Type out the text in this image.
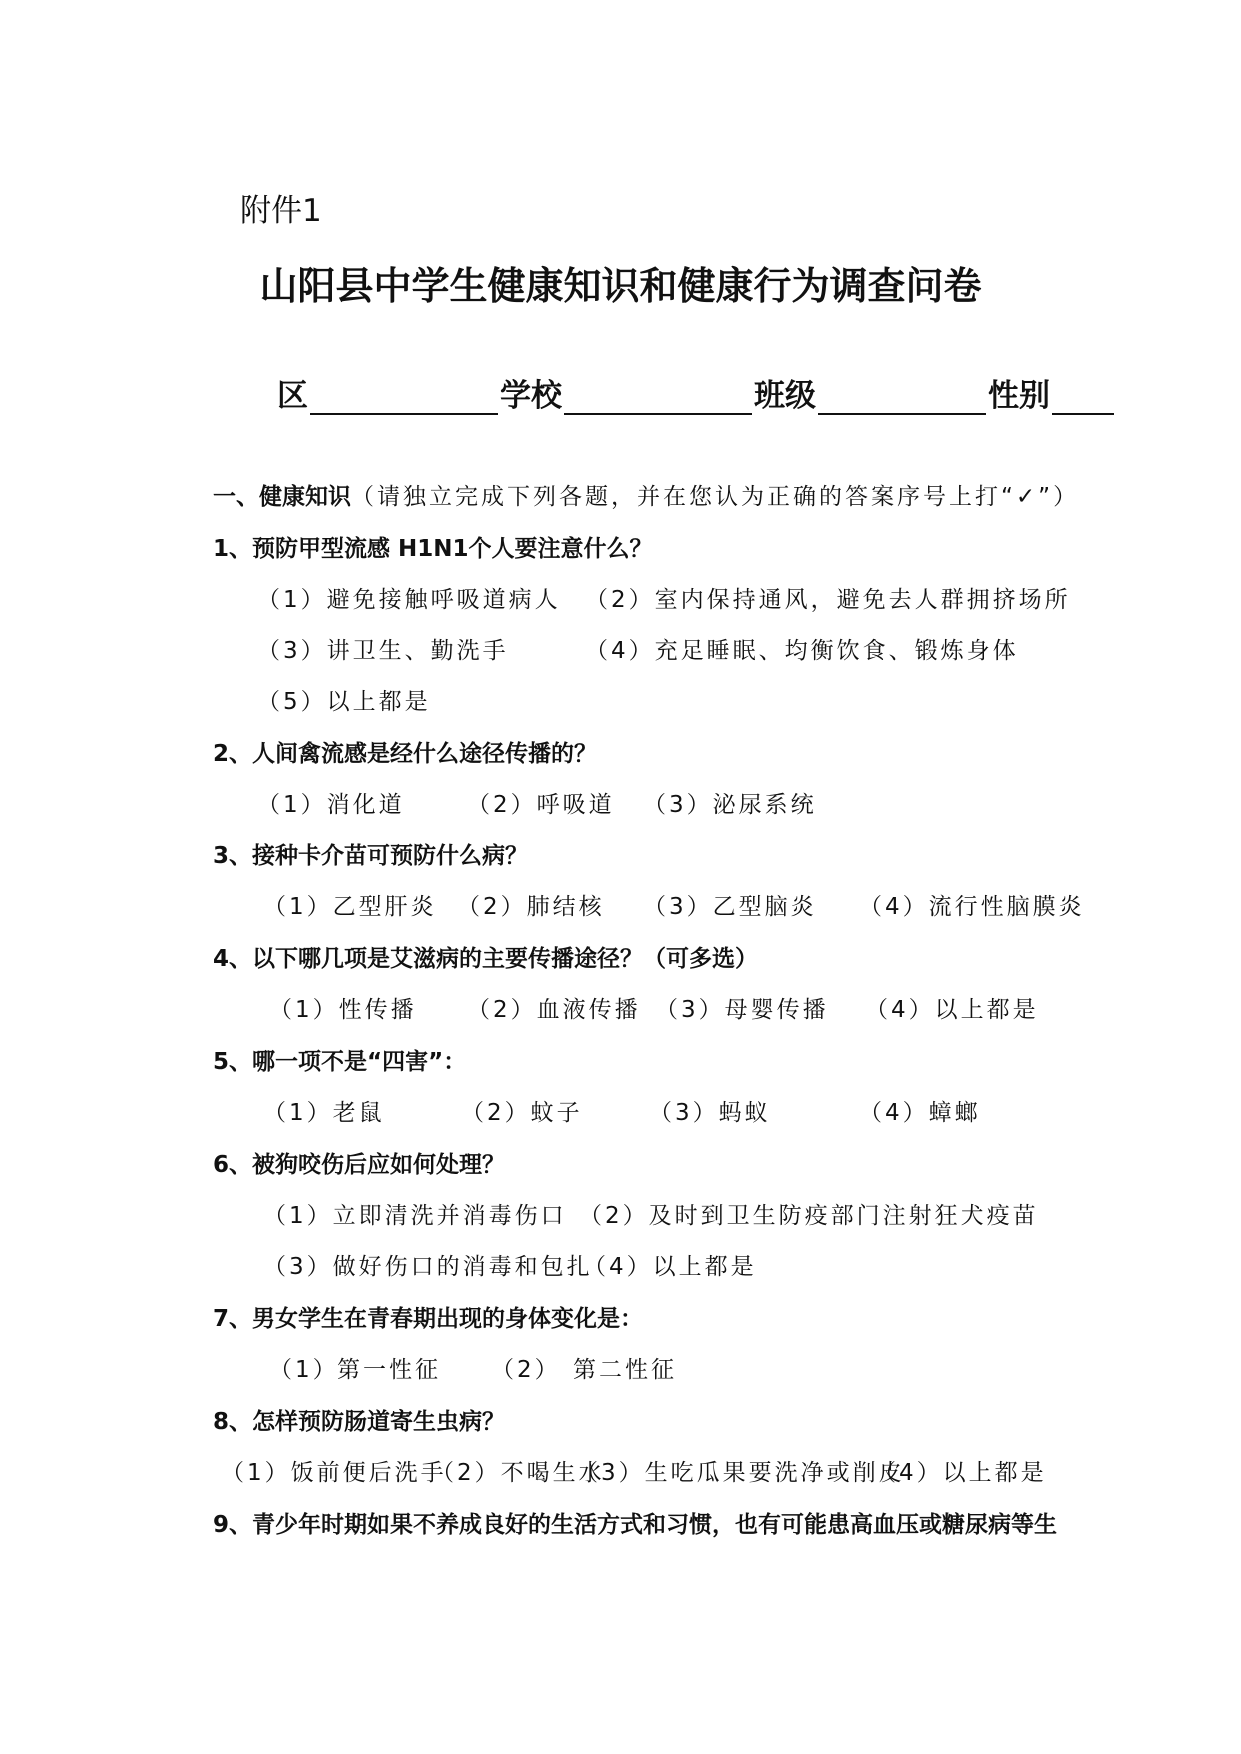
附件1
山阳县中学生健康知识和健康行为调查问卷
区	学校	班级	性别
一、健康知识（请独立完成下列各题，并在您认为正确的答案序号上打“✓”）
1、预防甲型流感 H1N1个人要注意什么？
（1）避免接触呼吸道病人 （2）室内保持通风，避免去人群拥挤场所
（3）讲卫生、勤洗手	（4）充足睡眠、均衡饮食、锻炼身体
（5）以上都是
2、人间禽流感是经什么途径传播的？
（1）消化道	（2）呼吸道 （3）泌尿系统
3、接种卡介苗可预防什么病？
（1）乙型肝炎 （2）肺结核 （3）乙型脑炎 （4）流行性脑膜炎
4、以下哪几项是艾滋病的主要传播途径？（可多选）
（1）性传播 （2）血液传播 （3）母婴传播 （4）以上都是
5、哪一项不是“四害”：
（1）老鼠	（2）蚊子	（3）蚂蚁	（4）蟑螂
6、被狗咬伤后应如何处理？
（1）立即清洗并消毒伤口 （2）及时到卫生防疫部门注射狂犬疫苗
（3）做好伤口的消毒和包扎
（4）以上都是
7、男女学生在青春期出现的身体变化是：
（1）
第一性征 （2） 第二性征
8、怎样预防肠道寄生虫病？
（1）饭前便后洗手
（2）不喝生水
（3）生吃瓜果要洗净或削皮
（4）以上都是
9、青少年时期如果不养成良好的生活方式和习惯，也有可能患高血压或糖尿病等生
